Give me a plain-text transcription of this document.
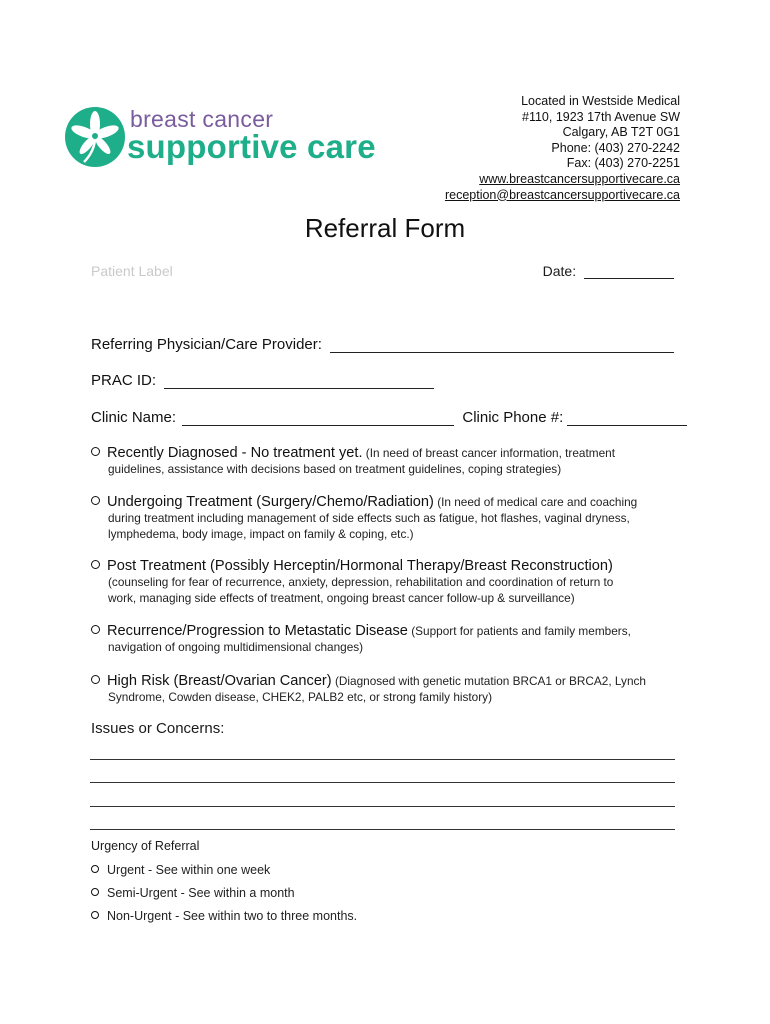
breast cancer
supportive care
Located in Westside Medical
#110, 1923 17th Avenue SW
Calgary, AB T2T 0G1
Phone: (403) 270-2242
Fax: (403) 270-2251
www.breastcancersupportivecare.ca
reception@breastcancersupportivecare.ca
Referral Form
Patient Label	Date:
Referring Physician/Care Provider:
PRAC ID:
Clinic Name:	Clinic Phone #:
Recently Diagnosed - No treatment yet. (In need of breast cancer information, treatment
guidelines, assistance with decisions based on treatment guidelines, coping strategies)
Undergoing Treatment (Surgery/Chemo/Radiation) (In need of medical care and coaching
during treatment including management of side effects such as fatigue, hot flashes, vaginal dryness,
lymphedema, body image, impact on family & coping, etc.)
Post Treatment (Possibly Herceptin/Hormonal Therapy/Breast Reconstruction)
(counseling for fear of recurrence, anxiety, depression, rehabilitation and coordination of return to
work, managing side effects of treatment, ongoing breast cancer follow-up & surveillance)
Recurrence/Progression to Metastatic Disease (Support for patients and family members,
navigation of ongoing multidimensional changes)
High Risk (Breast/Ovarian Cancer) (Diagnosed with genetic mutation BRCA1 or BRCA2, Lynch
Syndrome, Cowden disease, CHEK2, PALB2 etc, or strong family history)
Issues or Concerns:
Urgency of Referral
Urgent - See within one week
Semi-Urgent - See within a month
Non-Urgent - See within two to three months.
